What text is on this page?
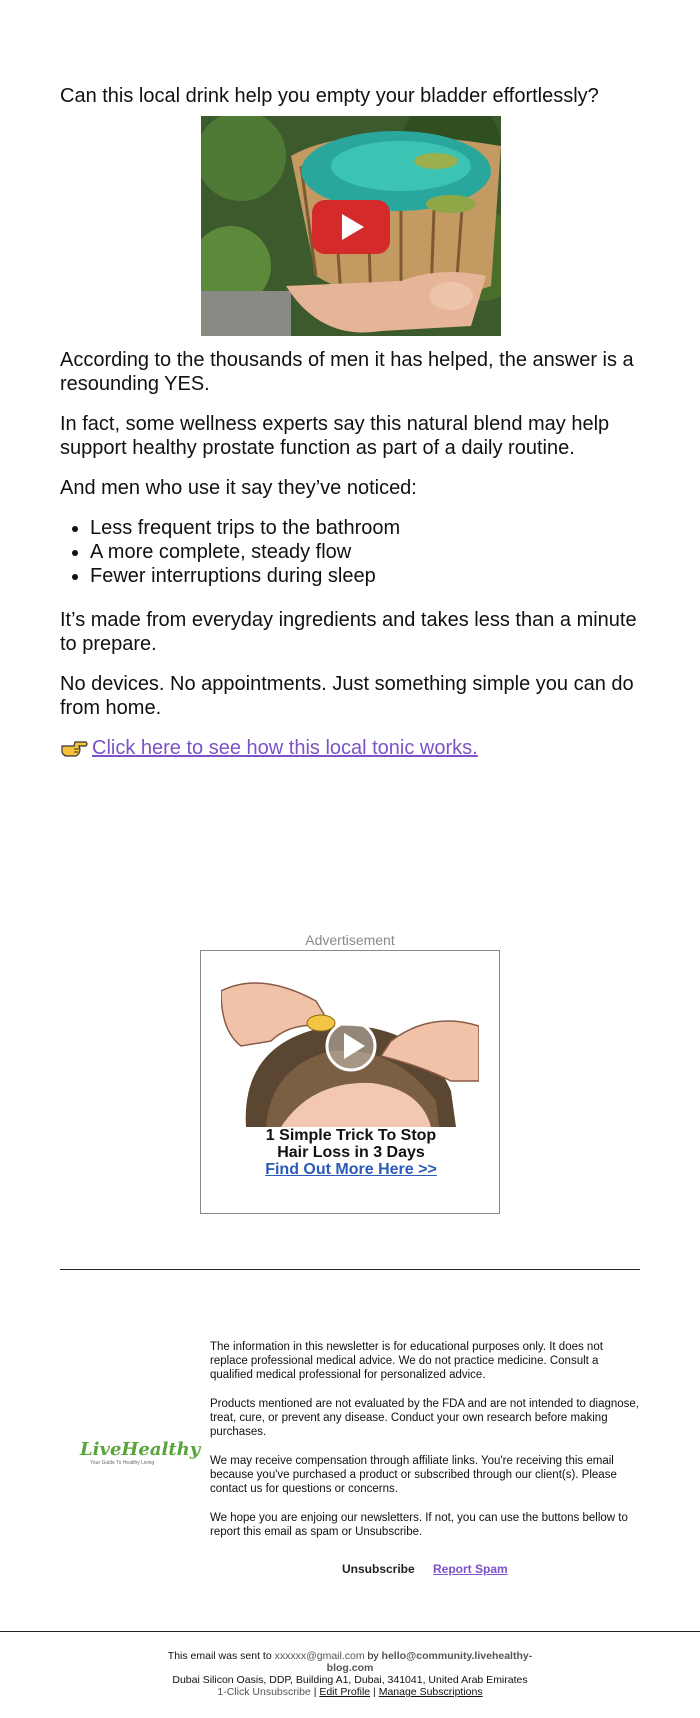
Can this local drink help you empty your bladder effortlessly?
According to the thousands of men it has helped, the answer is a resounding YES.
In fact, some wellness experts say this natural blend may help support healthy prostate function as part of a daily routine.
And men who use it say they’ve noticed:
• Less frequent trips to the bathroom
• A more complete, steady flow
• Fewer interruptions during sleep
It’s made from everyday ingredients and takes less than a minute to prepare.
No devices. No appointments. Just something simple you can do from home.
Click here to see how this local tonic works.
Advertisement
1 Simple Trick To Stop
Hair Loss in 3 Days
Find Out More Here >>
LiveHealthy
Your Guide To Healthy Living

The information in this newsletter is for educational purposes only. It does not replace professional medical advice. We do not practice medicine. Consult a qualified medical professional for personalized advice.

Products mentioned are not evaluated by the FDA and are not intended to diagnose, treat, cure, or prevent any disease. Conduct your own research before making purchases.

We may receive compensation through affiliate links. You're receiving this email because you've purchased a product or subscribed through our client(s). Please contact us for questions or concerns.

We hope you are enjoing our newsletters. If not, you can use the buttons bellow to report this email as spam or Unsubscribe.

Unsubscribe Report Spam
This email was sent to xxxxxx@gmail.com by hello@community.livehealthy-
blog.com
Dubai Silicon Oasis, DDP, Building A1, Dubai, 341041, United Arab Emirates
1-Click Unsubscribe | Edit Profile | Manage Subscriptions
